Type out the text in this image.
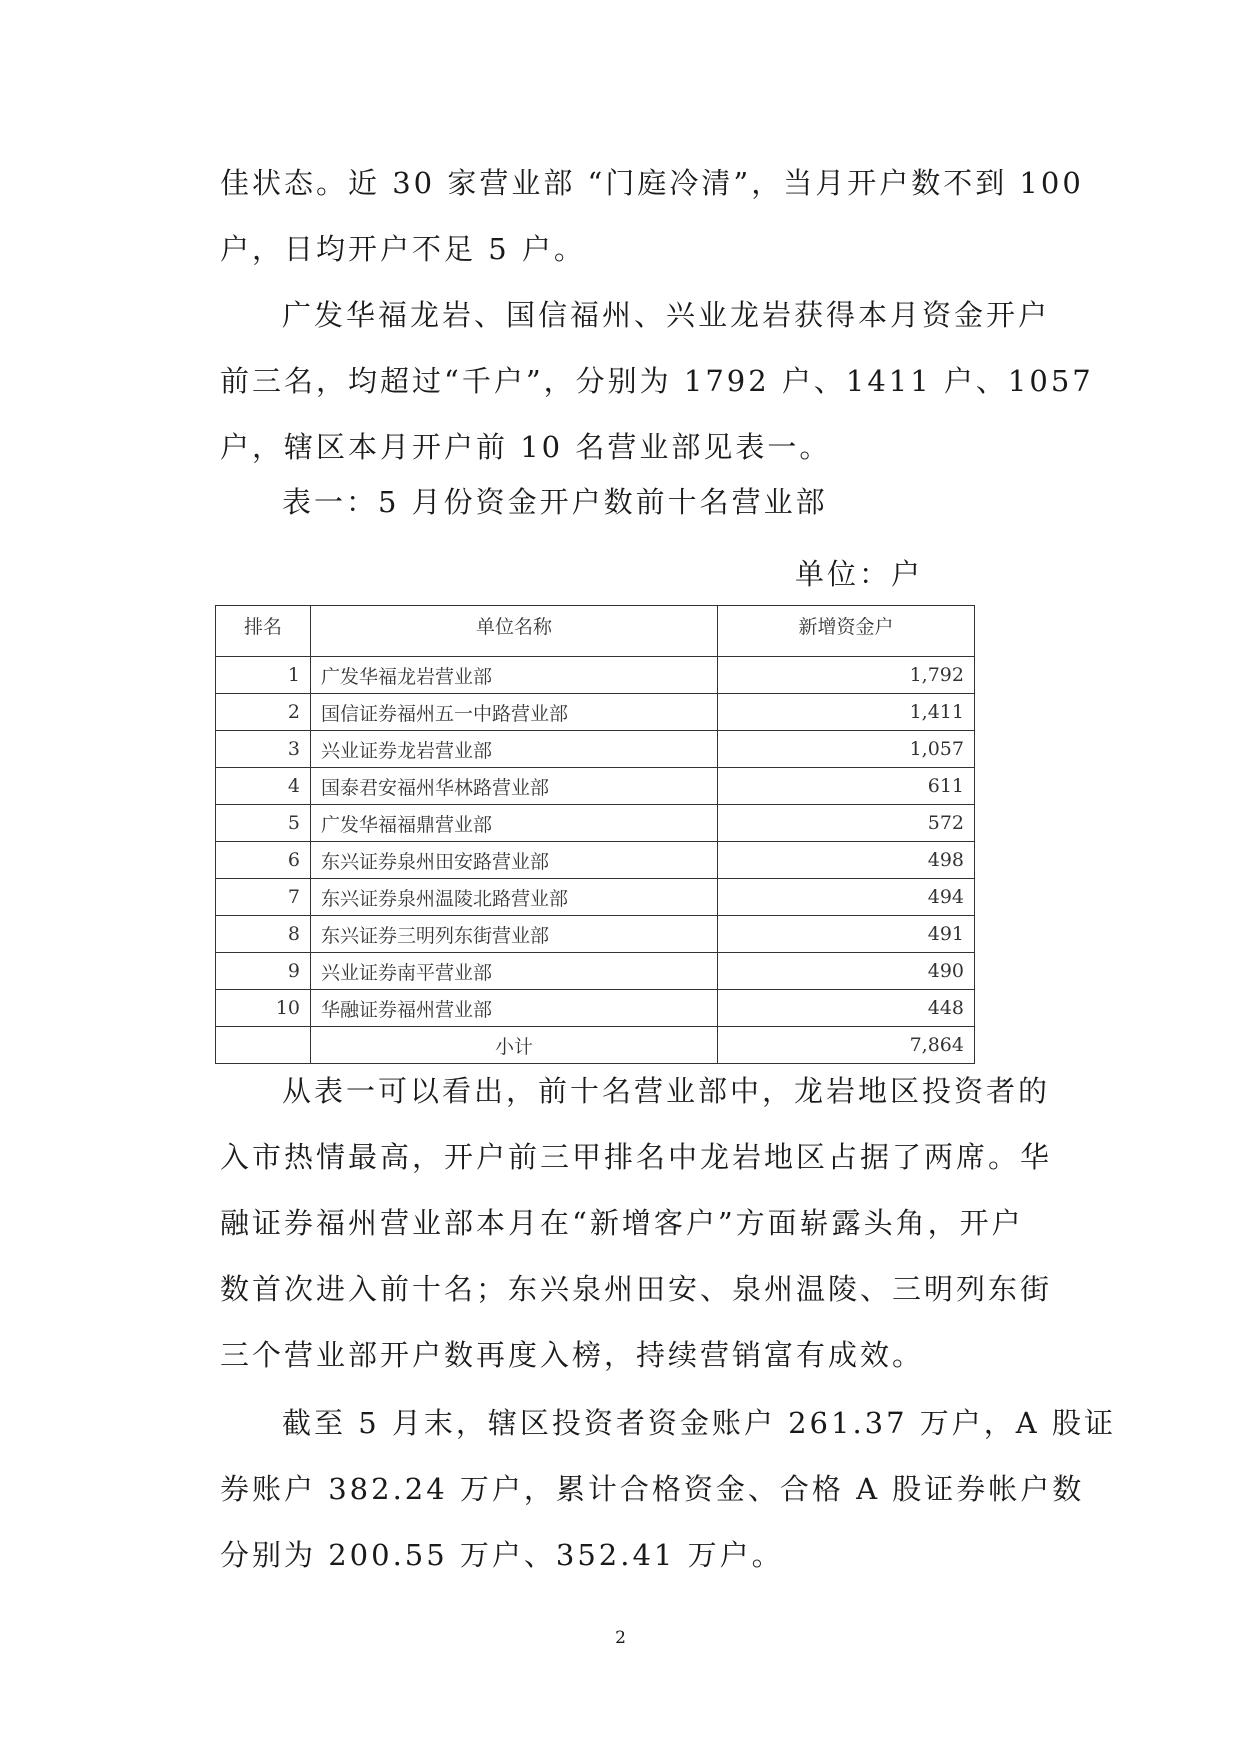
佳状态。近 30 家营业部 “门庭冷清”，当月开户数不到 100
户，日均开户不足 5 户。

广发华福龙岩、国信福州、兴业龙岩获得本月资金开户
前三名，均超过“千户”，分别为 1792 户、1411 户、1057
户，辖区本月开户前 10 名营业部见表一。

表一：5 月份资金开户数前十名营业部
单位：户
排名	单位名称	新增资金户
1	广发华福龙岩营业部	1,792
2	国信证券福州五一中路营业部	1,411
3	兴业证券龙岩营业部	1,057
4	国泰君安福州华林路营业部	611
5	广发华福福鼎营业部	572
6	东兴证券泉州田安路营业部	498
7	东兴证券泉州温陵北路营业部	494
8	东兴证券三明列东街营业部	491
9	兴业证券南平营业部	490
10	华融证券福州营业部	448
	小计	7,864

从表一可以看出，前十名营业部中，龙岩地区投资者的
入市热情最高，开户前三甲排名中龙岩地区占据了两席。华
融证券福州营业部本月在“新增客户”方面崭露头角，开户
数首次进入前十名；东兴泉州田安、泉州温陵、三明列东街
三个营业部开户数再度入榜，持续营销富有成效。

截至 5 月末，辖区投资者资金账户 261.37 万户，A 股证
券账户 382.24 万户，累计合格资金、合格 A 股证券帐户数
分别为 200.55 万户、352.41 万户。

2
